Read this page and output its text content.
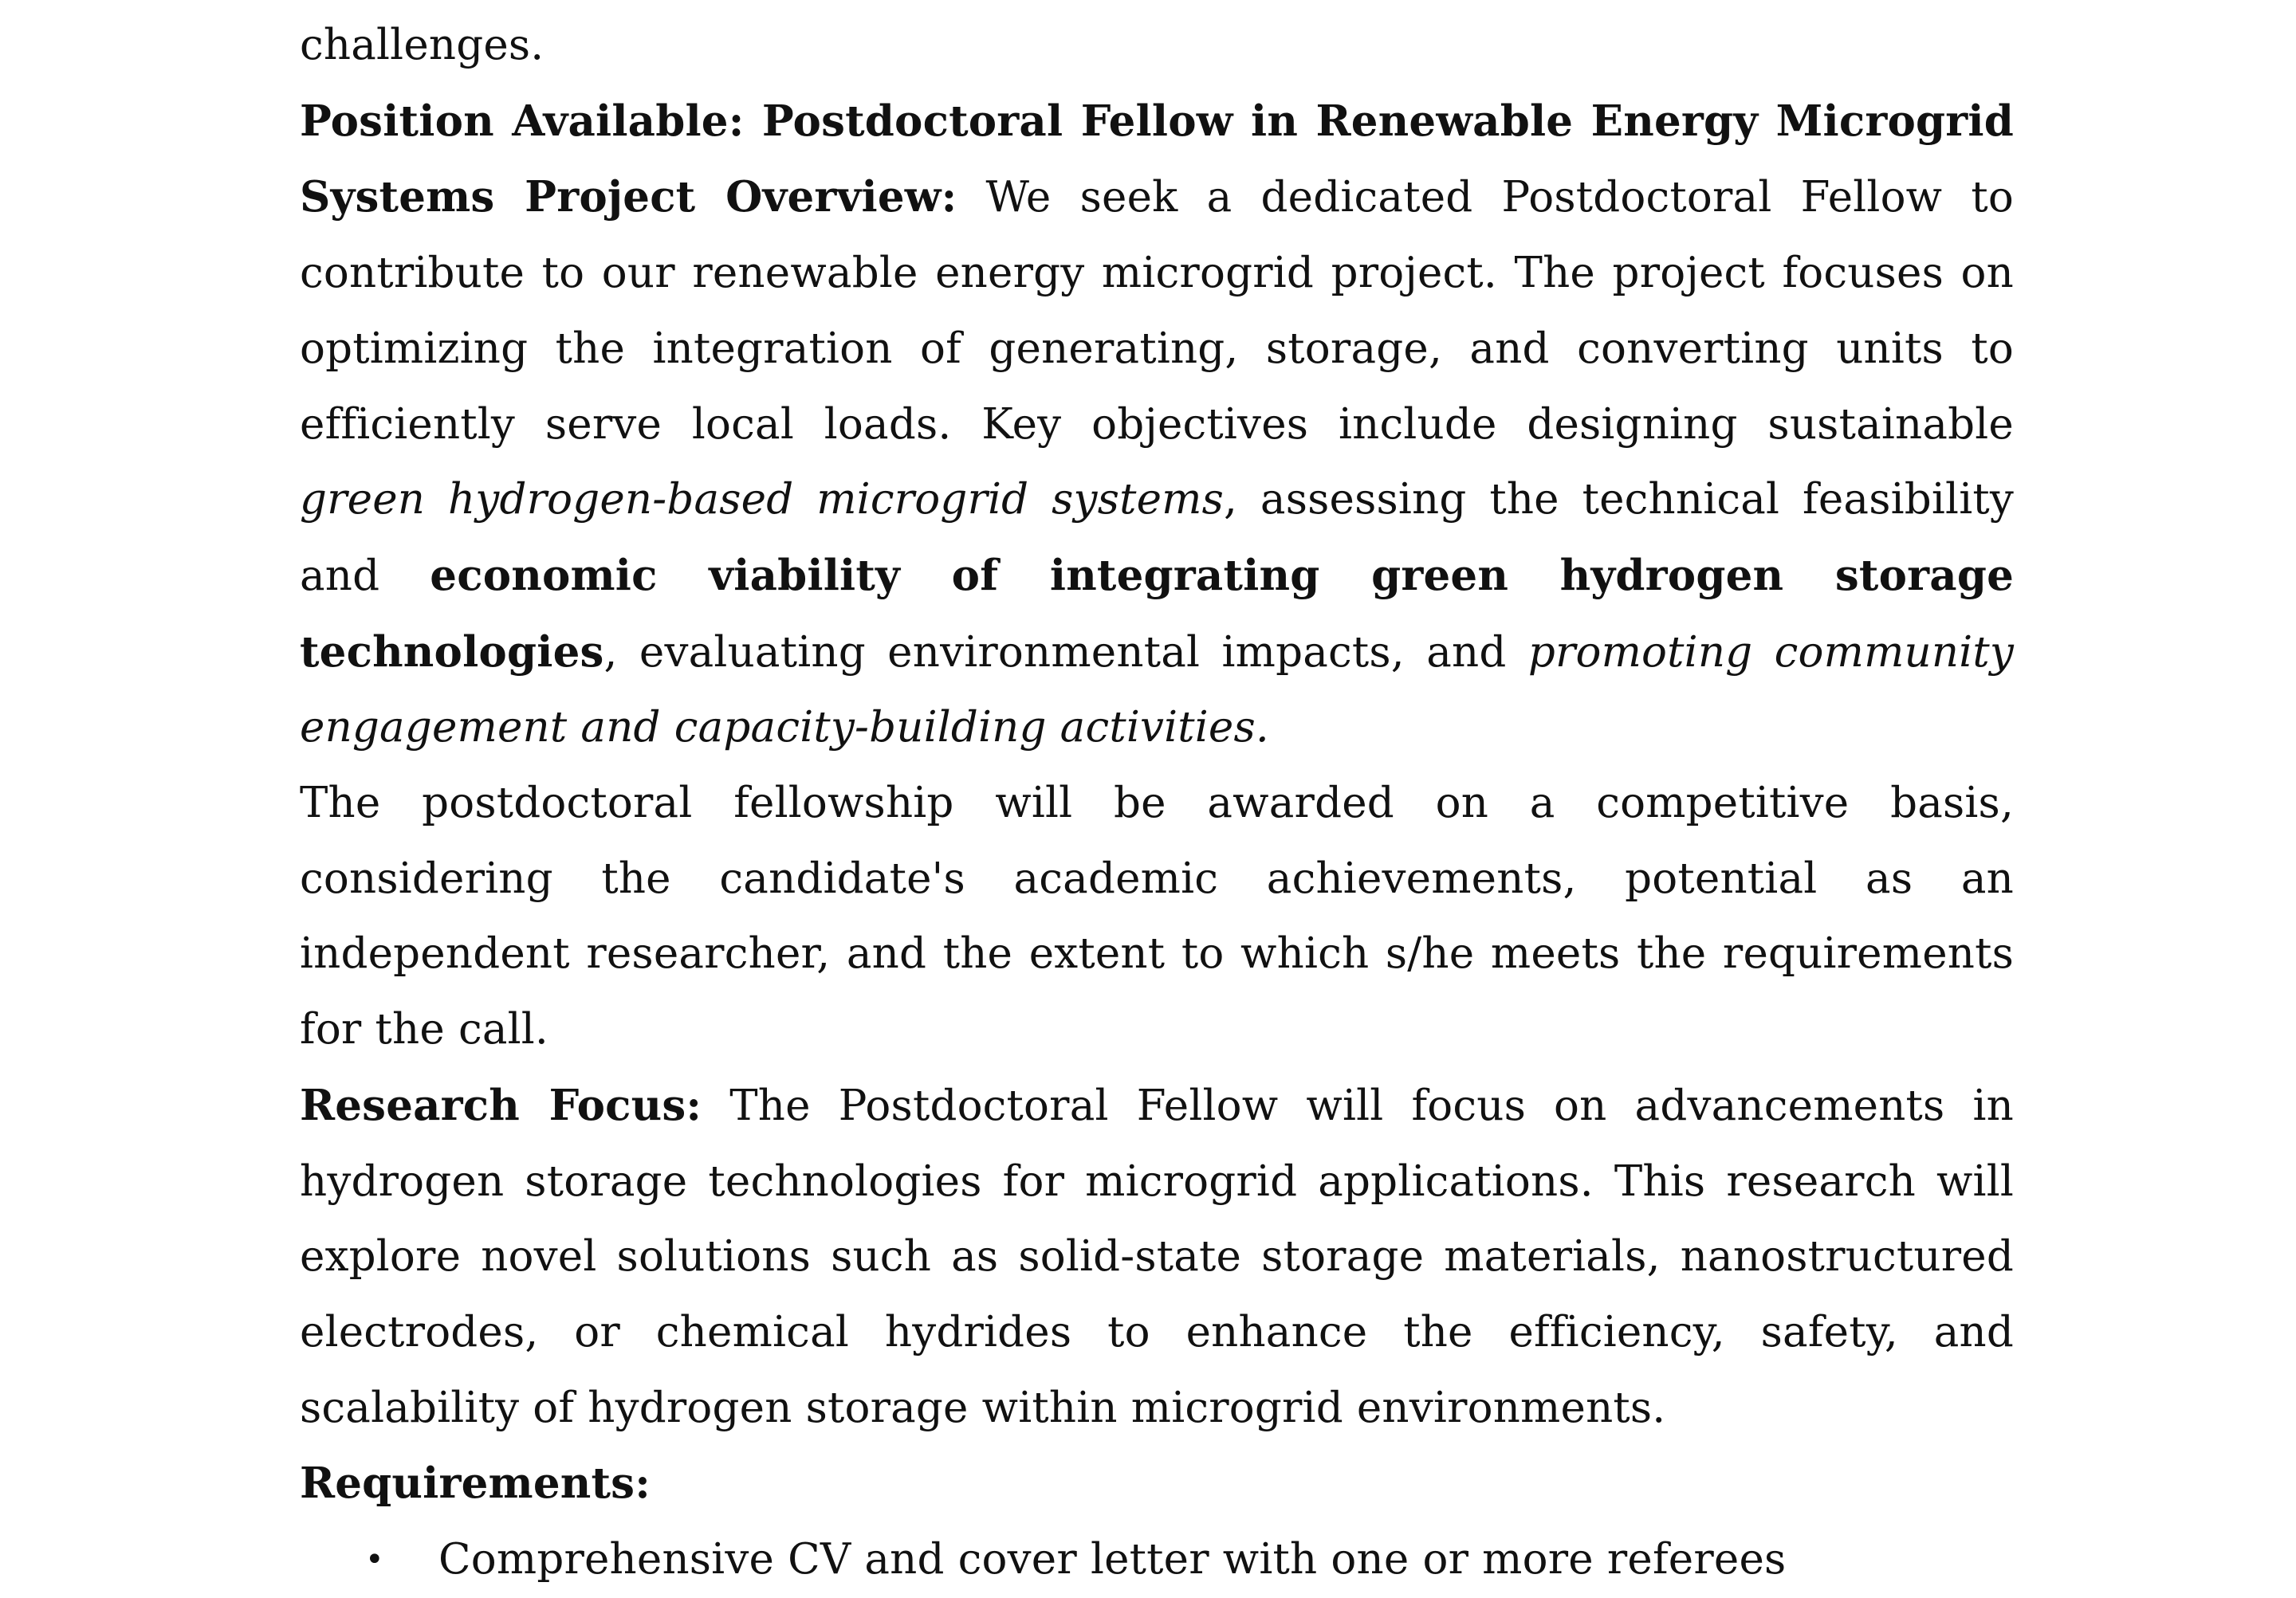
challenges.

Position Available: Postdoctoral Fellow in Renewable Energy Microgrid Systems Project Overview: We seek a dedicated Postdoctoral Fellow to contribute to our renewable energy microgrid project. The project focuses on optimizing the integration of generating, storage, and converting units to efficiently serve local loads. Key objectives include designing sustainable green hydrogen-based microgrid systems, assessing the technical feasibility and economic viability of integrating green hydrogen storage technologies, evaluating environmental impacts, and promoting community engagement and capacity-building activities.

The postdoctoral fellowship will be awarded on a competitive basis, considering the candidate's academic achievements, potential as an independent researcher, and the extent to which s/he meets the requirements for the call.

Research Focus: The Postdoctoral Fellow will focus on advancements in hydrogen storage technologies for microgrid applications. This research will explore novel solutions such as solid-state storage materials, nanostructured electrodes, or chemical hydrides to enhance the efficiency, safety, and scalability of hydrogen storage within microgrid environments.

Requirements:

• Comprehensive CV and cover letter with one or more referees
